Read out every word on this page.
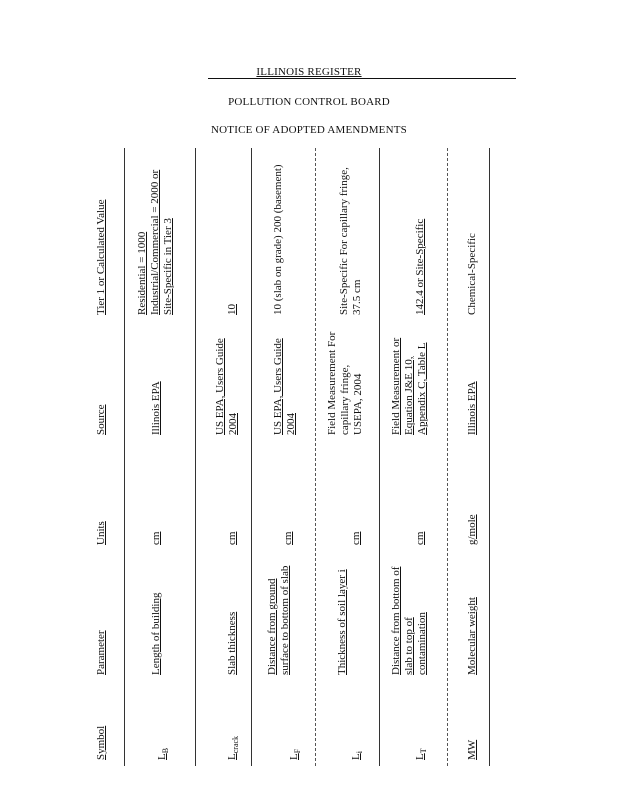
ILLINOIS REGISTER
POLLUTION CONTROL BOARD
NOTICE OF ADOPTED AMENDMENTS
Symbol
Parameter
Units
Source
Tier 1 or Calculated Value
$L_B$
Length of building
cm
Illinois EPA
Residential = 1000 Industrial/Commercial = 2000 or Site-Specific in Tier 3
$L_{crack}$
Slab thickness
cm
US EPA, Users Guide 2004
10
$L_F$
Distance from ground surface to bottom of slab
cm
US EPA, Users Guide 2004
10 (slab on grade) 200 (basement)
$L_i$
Thickness of soil layer i
cm
Field Measurement For capillary fringe, USEPA, 2004
Site-Specific For capillary fringe, 37.5 cm
$L_T$
Distance from bottom of slab to top of contamination
cm
Field Measurement or Equation J&E 10, Appendix C, Table L
142.4 or Site-Specific
MW
Molecular weight
g/mole
Illinois EPA
Chemical-Specific
